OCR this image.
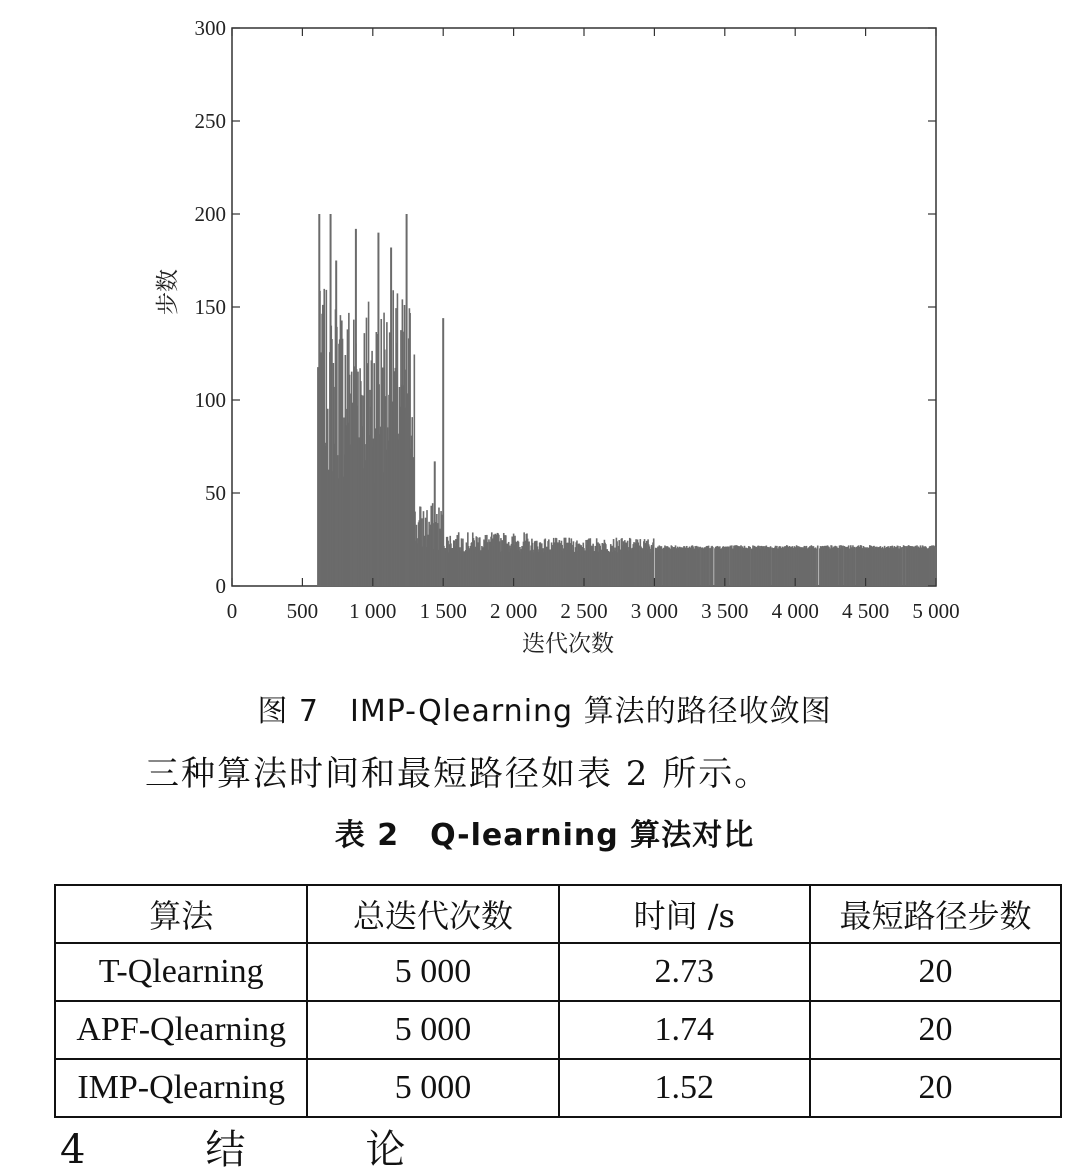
0
50
100
150
200
250
300
0 500 1 000 1 500 2 000 2 500 3 000 3 500 4 000 4 500 5 000
迭代次数
步数
图 7　IMP-Qlearning 算法的路径收敛图
三种算法时间和最短路径如表 2 所示。
表 2　Q-learning 算法对比
算法	总迭代次数	时间 /s	最短路径步数
T-Qlearning	5 000	2.73	20
APF-Qlearning	5 000	1.74	20
IMP-Qlearning	5 000	1.52	20
4　结　论
